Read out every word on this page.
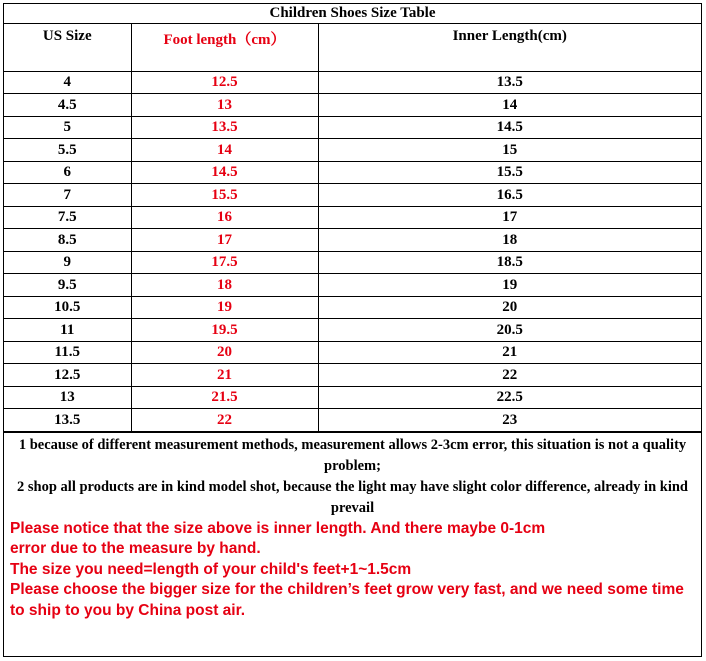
Children Shoes Size Table
US Size	Foot length（cm）	Inner Length(cm)
4	12.5	13.5
4.5	13	14
5	13.5	14.5
5.5	14	15
6	14.5	15.5
7	15.5	16.5
7.5	16	17
8.5	17	18
9	17.5	18.5
9.5	18	19
10.5	19	20
11	19.5	20.5
11.5	20	21
12.5	21	22
13	21.5	22.5
13.5	22	23

1 because of different measurement methods, measurement allows 2-3cm error, this situation is not a quality problem;

2 shop all products are in kind model shot, because the light may have slight color difference, already in kind prevail

Please notice that the size above is inner length. And there maybe 0-1cm error due to the measure by hand.

The size you need=length of your child's feet+1~1.5cm

Please choose the bigger size for the children’s feet grow very fast, and we need some time to ship to you by China post air.
